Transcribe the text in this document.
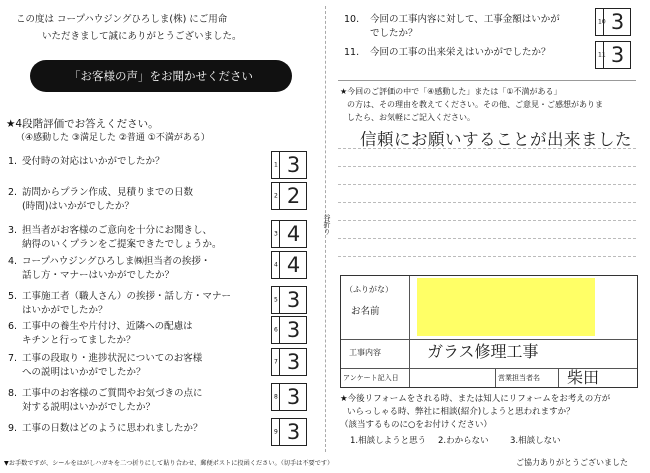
この度は コープハウジングひろしま(株) にご用命
いただきまして誠にありがとうございました。
「お客様の声」をお聞かせください
★4段階評価でお答えください。
（④感動した ③満足した ②普通 ①不満がある）
1. 受付時の対応はいかがでしたか？	1 3
2. 訪問からプラン作成、見積りまでの日数
(時間)はいかがでしたか？
2 2
3. 担当者がお客様のご意向を十分にお聞きし、
納得のいくプランをご提案できたでしょうか。
3 4
4. コープハウジングひろしま㈱担当者の挨拶・
話し方・マナーはいかがでしたか？
4 4
5. 工事施工者（職人さん）の挨拶・話し方・マナー
はいかがでしたか？
5 3
6. 工事中の養生や片付け、近隣への配慮は
キチンと行ってましたか？
6 3
7. 工事の段取り・進捗状況についてのお客様
への説明はいかがでしたか？
7 3
8. 工事中のお客様のご質問やお気づきの点に
対する説明はいかがでしたか？
8 3
9. 工事の日数はどのように思われましたか？	9 3
谷折り
10. 今回の工事内容に対して、工事金額はいかが
でしたか？
10 3
11. 今回の工事の出来栄えはいかがでしたか？	11 3
★今回のご評価の中で「④感動した」または「①不満がある」
の方は、その理由を教えてください。その他、ご意見・ご感想がありま
したら、お気軽にご記入ください。
信頼にお願いすることが出来ました
（ふりがな）
お名前
工事内容	ガラス修理工事
アンケート記入日	営業担当者名 柴田
★今後リフォームをされる時、または知人にリフォームをお考えの方が
いらっしゃる時、弊社に相談(紹介)しようと思われますか？
（該当するものに○をお付けください）
1.相談しようと思う 2.わからない	3.相談しない
▼お手数ですが、シールをはがしハガキを二つ折りにして貼り合わせ、郵便ポストに投函ください。（切手は不要です）	ご協力ありがとうございました
